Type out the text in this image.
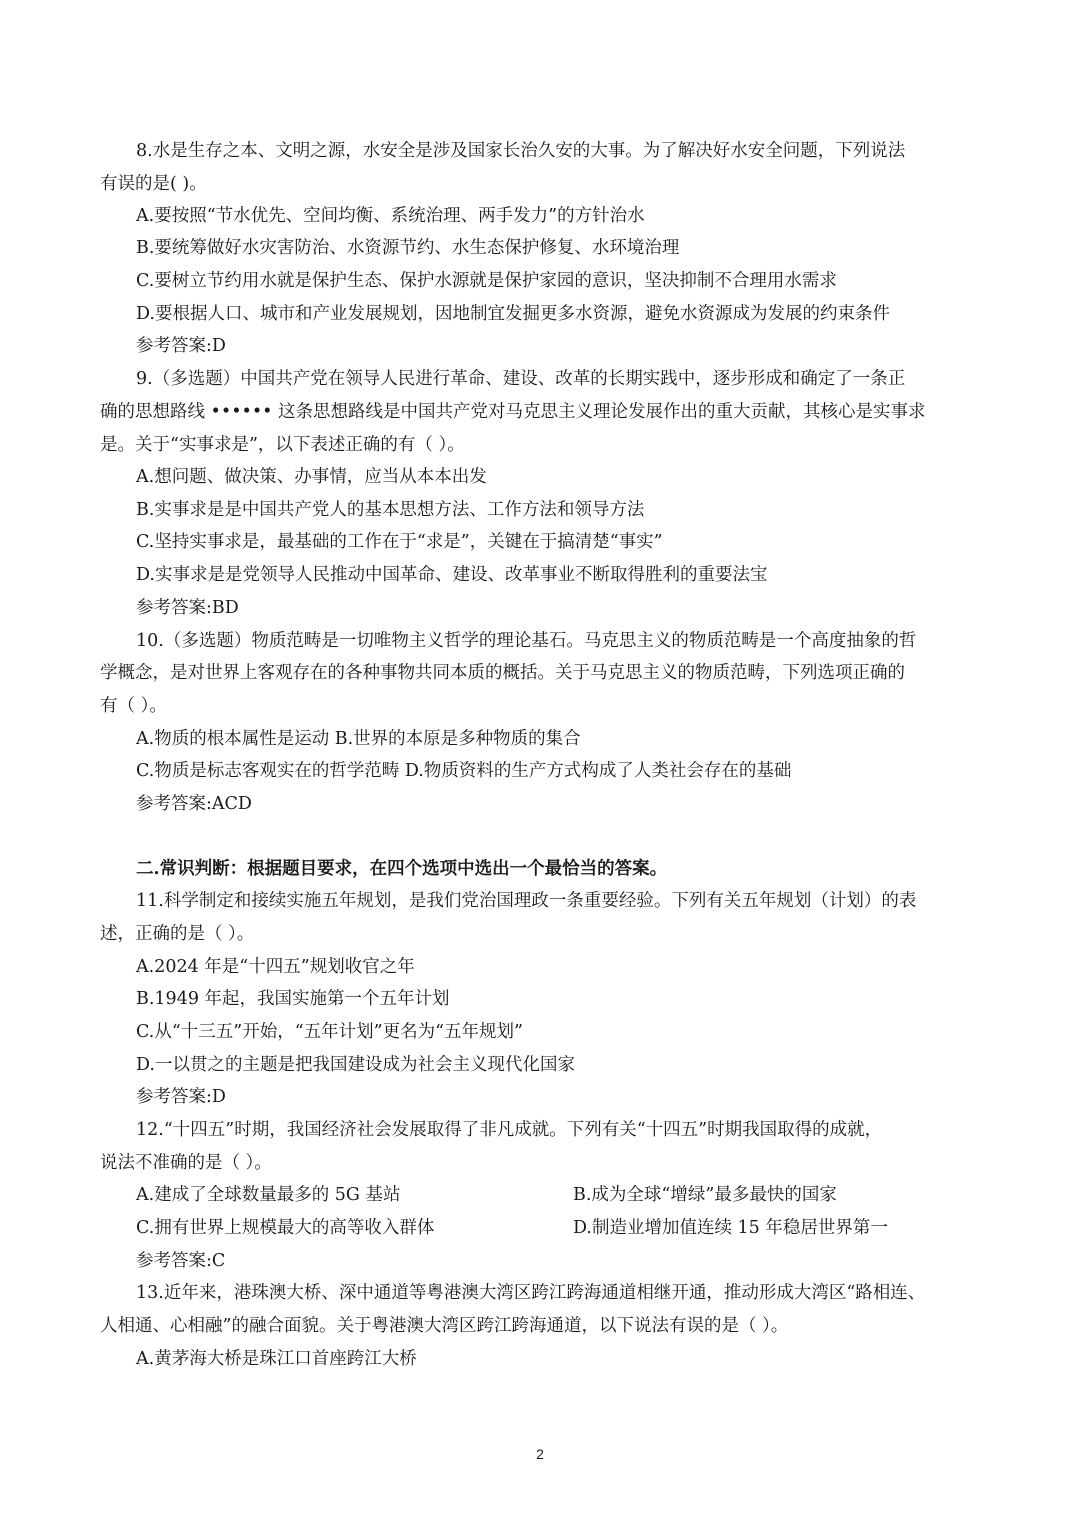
8.水是生存之本、文明之源，水安全是涉及国家长治久安的大事。为了解决好水安全问题，下列说法
有误的是( )。
A.要按照“节水优先、空间均衡、系统治理、两手发力”的方针治水
B.要统筹做好水灾害防治、水资源节约、水生态保护修复、水环境治理
C.要树立节约用水就是保护生态、保护水源就是保护家园的意识，坚决抑制不合理用水需求
D.要根据人口、城市和产业发展规划，因地制宜发掘更多水资源，避免水资源成为发展的约束条件
参考答案:D
9.（多选题）中国共产党在领导人民进行革命、建设、改革的长期实践中，逐步形成和确定了一条正
确的思想路线 •••••• 这条思想路线是中国共产党对马克思主义理论发展作出的重大贡献，其核心是实事求
是。关于“实事求是”，以下表述正确的有（ ）。
A.想问题、做决策、办事情，应当从本本出发
B.实事求是是中国共产党人的基本思想方法、工作方法和领导方法
C.坚持实事求是，最基础的工作在于“求是”，关键在于搞清楚“事实”
D.实事求是是党领导人民推动中国革命、建设、改革事业不断取得胜利的重要法宝
参考答案:BD
10.（多选题）物质范畴是一切唯物主义哲学的理论基石。马克思主义的物质范畴是一个高度抽象的哲
学概念，是对世界上客观存在的各种事物共同本质的概括。关于马克思主义的物质范畴，下列选项正确的
有（ ）。
A.物质的根本属性是运动 B.世界的本原是多种物质的集合
C.物质是标志客观实在的哲学范畴 D.物质资料的生产方式构成了人类社会存在的基础
参考答案:ACD
二.常识判断：根据题目要求，在四个选项中选出一个最恰当的答案。
11.科学制定和接续实施五年规划，是我们党治国理政一条重要经验。下列有关五年规划（计划）的表
述，正确的是（ ）。
A.2024 年是“十四五”规划收官之年
B.1949 年起，我国实施第一个五年计划
C.从“十三五”开始，“五年计划”更名为“五年规划”
D.一以贯之的主题是把我国建设成为社会主义现代化国家
参考答案:D
12.“十四五”时期，我国经济社会发展取得了非凡成就。下列有关“十四五”时期我国取得的成就，
说法不准确的是（ ）。
A.建成了全球数量最多的 5G 基站	B.成为全球“增绿”最多最快的国家
C.拥有世界上规模最大的高等收入群体	D.制造业增加值连续 15 年稳居世界第一
参考答案:C
13.近年来，港珠澳大桥、深中通道等粤港澳大湾区跨江跨海通道相继开通，推动形成大湾区“路相连、
人相通、心相融”的融合面貌。关于粤港澳大湾区跨江跨海通道，以下说法有误的是（ ）。
A.黄茅海大桥是珠江口首座跨江大桥
2
